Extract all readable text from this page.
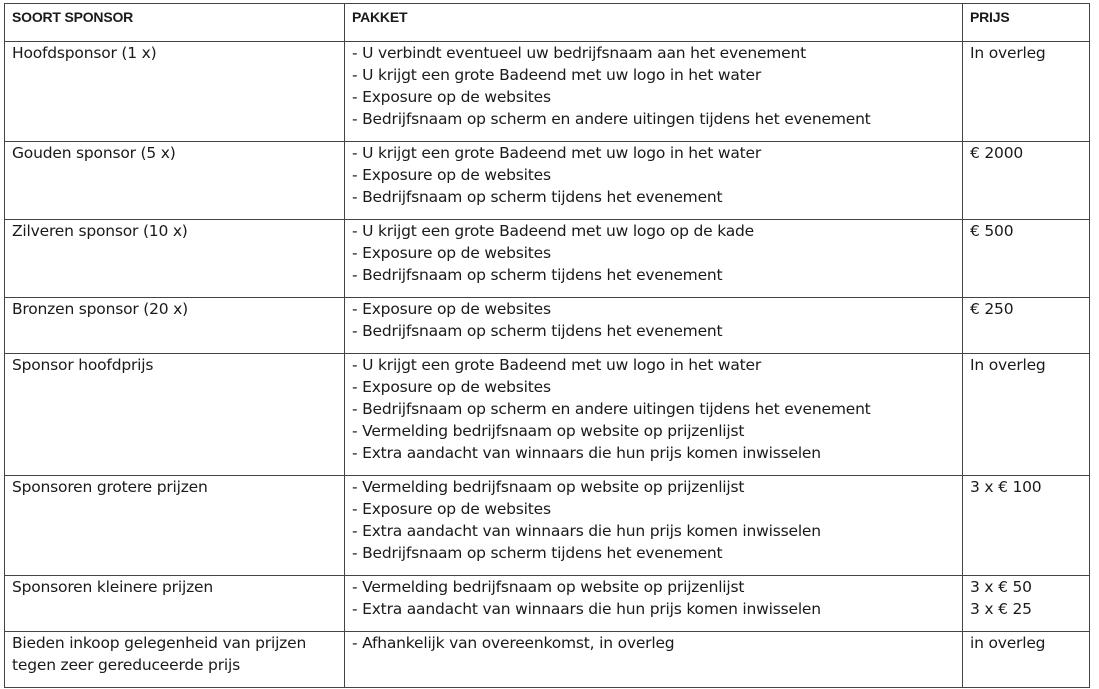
SOORT SPONSOR	PAKKET	PRIJS

Hoofdsponsor (1 x)	- U verbindt eventueel uw bedrijfsnaam aan het evenement
- U krijgt een grote Badeend met uw logo in het water
- Exposure op de websites
- Bedrijfsnaam op scherm en andere uitingen tijdens het evenement	In overleg

Gouden sponsor (5 x)	- U krijgt een grote Badeend met uw logo in het water
- Exposure op de websites
- Bedrijfsnaam op scherm tijdens het evenement	€ 2000

Zilveren sponsor (10 x)	- U krijgt een grote Badeend met uw logo op de kade
- Exposure op de websites
- Bedrijfsnaam op scherm tijdens het evenement	€ 500

Bronzen sponsor (20 x)	- Exposure op de websites
- Bedrijfsnaam op scherm tijdens het evenement	€ 250

Sponsor hoofdprijs	- U krijgt een grote Badeend met uw logo in het water
- Exposure op de websites
- Bedrijfsnaam op scherm en andere uitingen tijdens het evenement
- Vermelding bedrijfsnaam op website op prijzenlijst
- Extra aandacht van winnaars die hun prijs komen inwisselen	In overleg

Sponsoren grotere prijzen	- Vermelding bedrijfsnaam op website op prijzenlijst
- Exposure op de websites
- Extra aandacht van winnaars die hun prijs komen inwisselen
- Bedrijfsnaam op scherm tijdens het evenement	3 x € 100

Sponsoren kleinere prijzen	- Vermelding bedrijfsnaam op website op prijzenlijst
- Extra aandacht van winnaars die hun prijs komen inwisselen	3 x € 50
3 x € 25

Bieden inkoop gelegenheid van prijzen
tegen zeer gereduceerde prijs	- Afhankelijk van overeenkomst, in overleg	in overleg
